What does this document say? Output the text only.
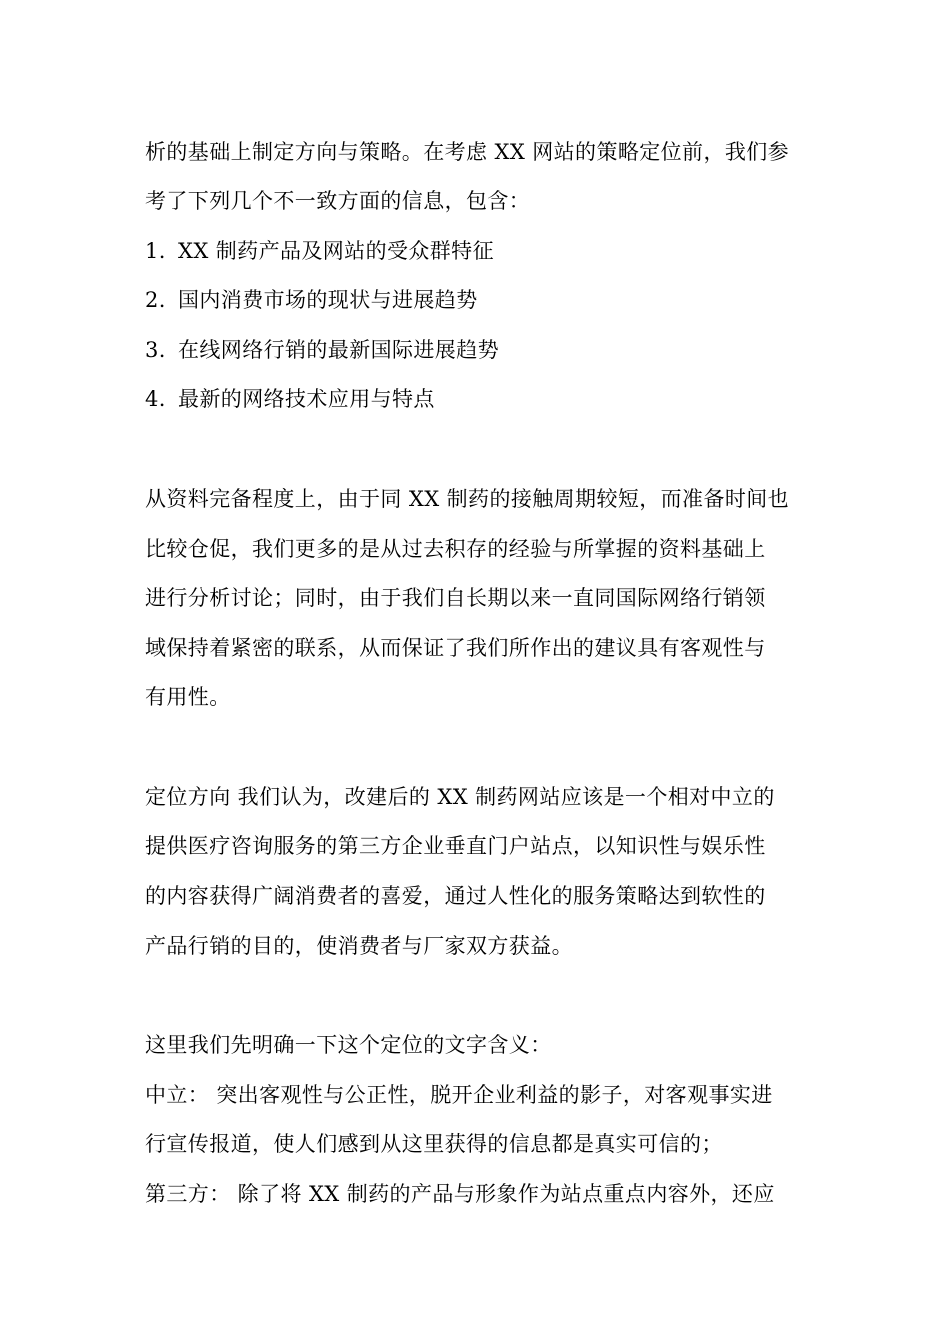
析的基础上制定方向与策略。在考虑 XX 网站的策略定位前，我们参
考了下列几个不一致方面的信息，包含：
1. XX 制药产品及网站的受众群特征
2. 国内消费市场的现状与进展趋势
3. 在线网络行销的最新国际进展趋势
4. 最新的网络技术应用与特点
从资料完备程度上，由于同 XX 制药的接触周期较短，而准备时间也
比较仓促，我们更多的是从过去积存的经验与所掌握的资料基础上
进行分析讨论；同时，由于我们自长期以来一直同国际网络行销领
域保持着紧密的联系，从而保证了我们所作出的建议具有客观性与
有用性。
定位方向 我们认为，改建后的 XX 制药网站应该是一个相对中立的
提供医疗咨询服务的第三方企业垂直门户站点，以知识性与娱乐性
的内容获得广阔消费者的喜爱，通过人性化的服务策略达到软性的
产品行销的目的，使消费者与厂家双方获益。
这里我们先明确一下这个定位的文字含义：
中立： 突出客观性与公正性，脱开企业利益的影子，对客观事实进
行宣传报道，使人们感到从这里获得的信息都是真实可信的；
第三方： 除了将 XX 制药的产品与形象作为站点重点内容外，还应
